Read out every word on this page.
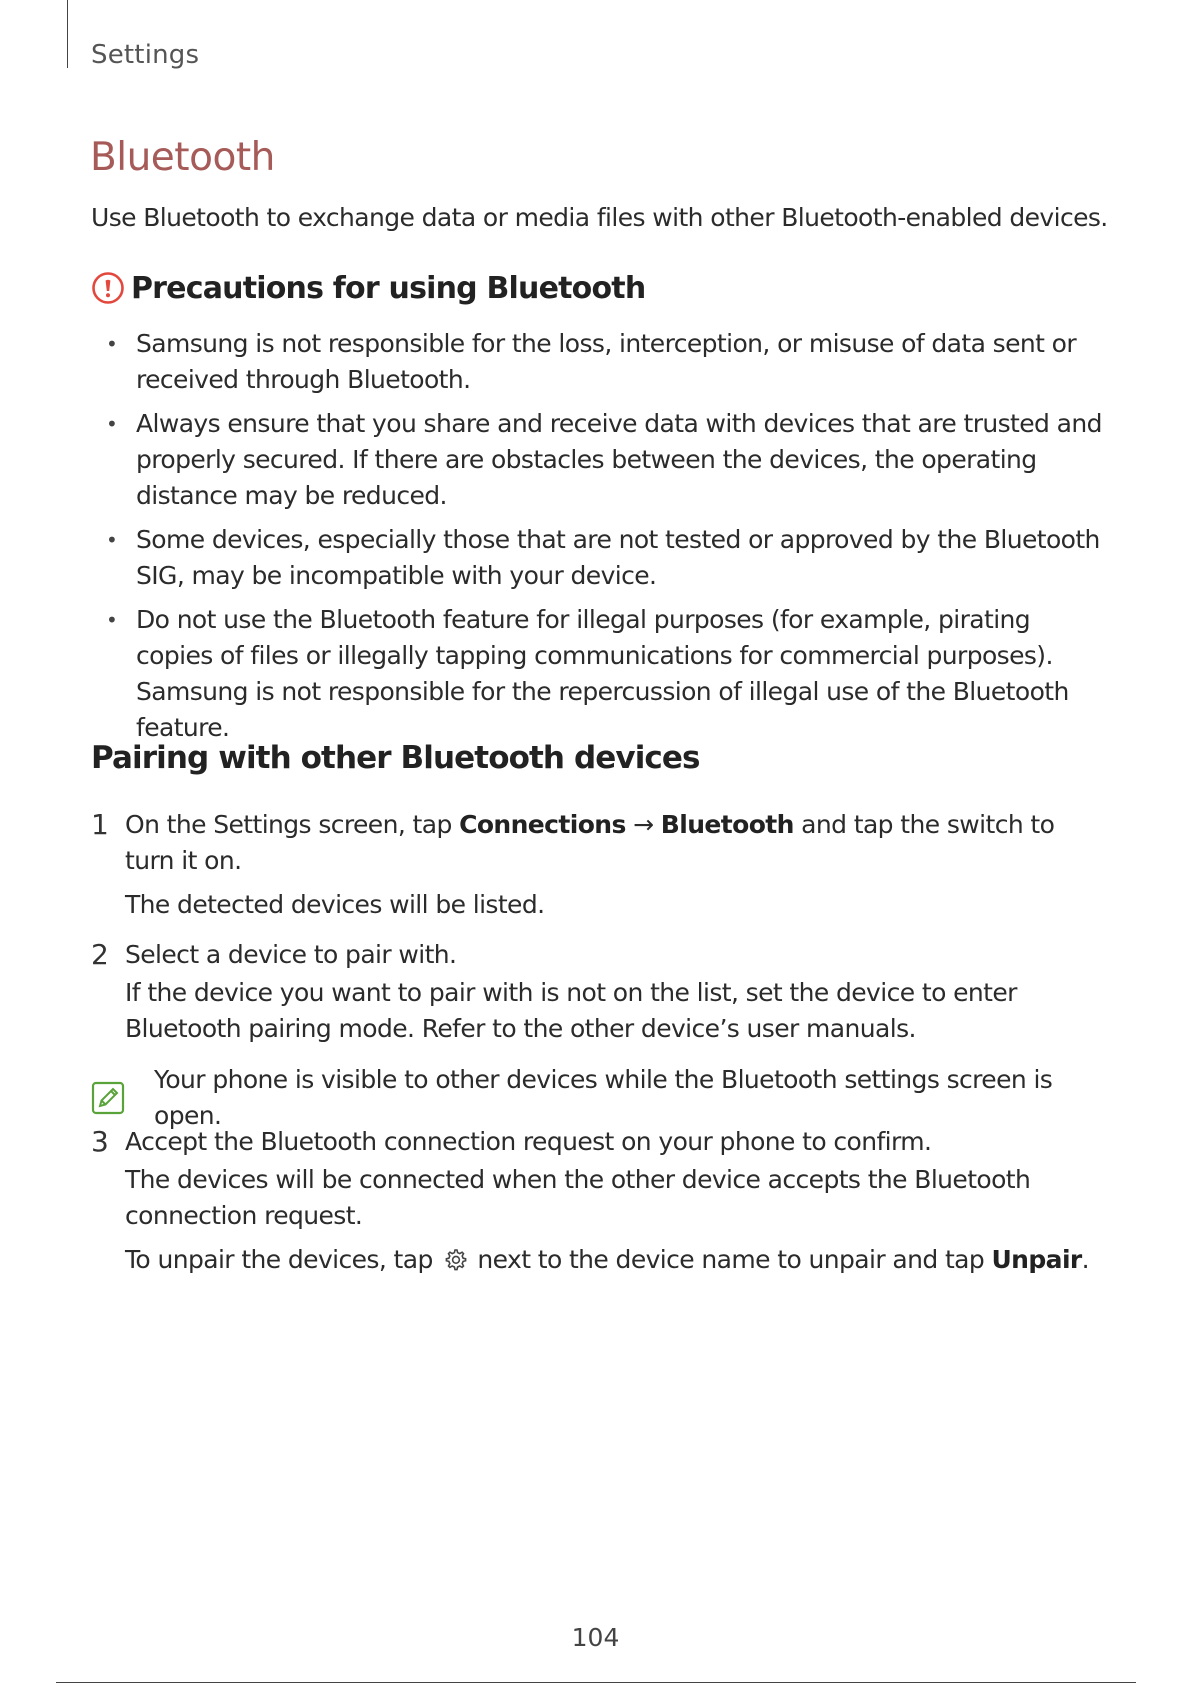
Settings
Bluetooth

Use Bluetooth to exchange data or media files with other Bluetooth-enabled devices.

Precautions for using Bluetooth
• Samsung is not responsible for the loss, interception, or misuse of data sent or received through Bluetooth.
• Always ensure that you share and receive data with devices that are trusted and properly secured. If there are obstacles between the devices, the operating distance may be reduced.
• Some devices, especially those that are not tested or approved by the Bluetooth SIG, may be incompatible with your device.
• Do not use the Bluetooth feature for illegal purposes (for example, pirating copies of files or illegally tapping communications for commercial purposes). Samsung is not responsible for the repercussion of illegal use of the Bluetooth feature.
Pairing with other Bluetooth devices
1 On the Settings screen, tap Connections → Bluetooth and tap the switch to turn it on.

The detected devices will be listed.

2 Select a device to pair with.

If the device you want to pair with is not on the list, set the device to enter Bluetooth pairing mode. Refer to the other device’s user manuals.

Your phone is visible to other devices while the Bluetooth settings screen is open.
3 Accept the Bluetooth connection request on your phone to confirm.

The devices will be connected when the other device accepts the Bluetooth connection request.

To unpair the devices, tap  next to the device name to unpair and tap Unpair.

104
